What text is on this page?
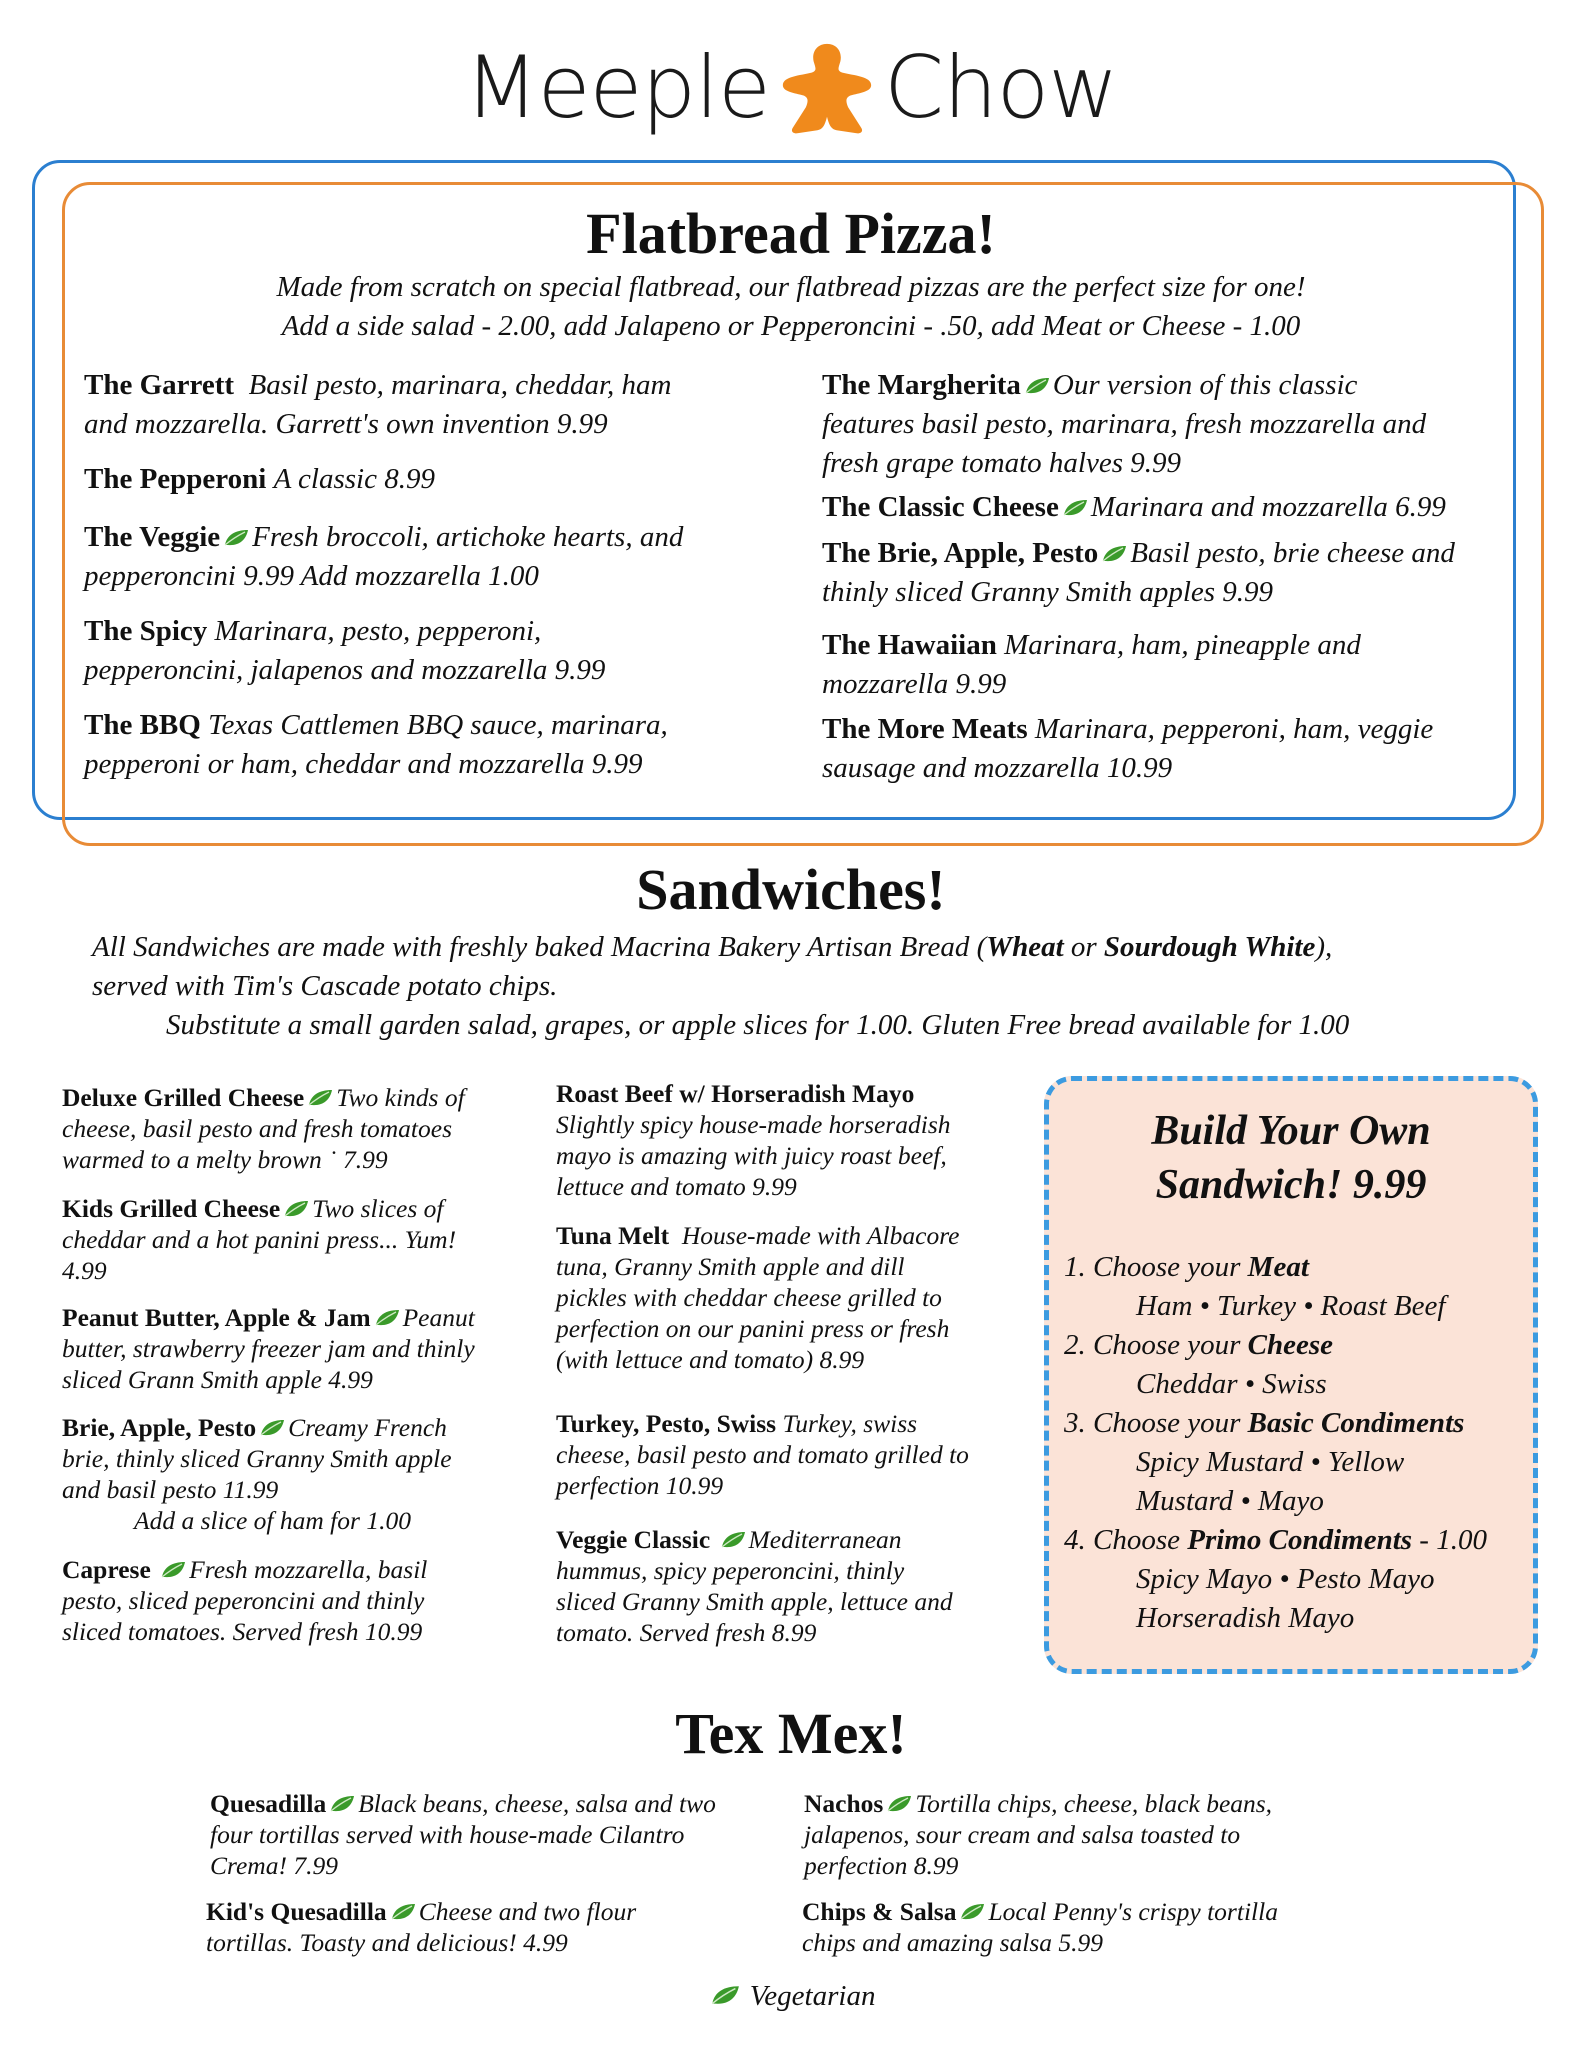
Meeple Chow
Flatbread Pizza!
Made from scratch on special flatbread, our flatbread pizzas are the perfect size for one!
Add a side salad - 2.00, add Jalapeno or Pepperoncini - .50, add Meat or Cheese - 1.00
The Garrett Basil pesto, marinara, cheddar, ham
and mozzarella. Garrett's own invention 9.99
The Pepperoni A classic 8.99
The Veggie Fresh broccoli, artichoke hearts, and
pepperoncini 9.99 Add mozzarella 1.00
The Spicy Marinara, pesto, pepperoni,
pepperoncini, jalapenos and mozzarella 9.99
The BBQ Texas Cattlemen BBQ sauce, marinara,
pepperoni or ham, cheddar and mozzarella 9.99
The Margherita Our version of this classic
features basil pesto, marinara, fresh mozzarella and
fresh grape tomato halves 9.99
The Classic Cheese Marinara and mozzarella 6.99
The Brie, Apple, Pesto Basil pesto, brie cheese and
thinly sliced Granny Smith apples 9.99
The Hawaiian Marinara, ham, pineapple and
mozzarella 9.99
The More Meats Marinara, pepperoni, ham, veggie
sausage and mozzarella 10.99
Sandwiches!
All Sandwiches are made with freshly baked Macrina Bakery Artisan Bread (Wheat or Sourdough White),
served with Tim's Cascade potato chips.
Substitute a small garden salad, grapes, or apple slices for 1.00. Gluten Free bread available for 1.00
Deluxe Grilled Cheese Two kinds of
cheese, basil pesto and fresh tomatoes
warmed to a melty brown ˙ 7.99
Kids Grilled Cheese Two slices of
cheddar and a hot panini press... Yum!
4.99
Peanut Butter, Apple & Jam Peanut
butter, strawberry freezer jam and thinly
sliced Grann Smith apple 4.99
Brie, Apple, Pesto Creamy French
brie, thinly sliced Granny Smith apple
and basil pesto 11.99
Add a slice of ham for 1.00
Caprese Fresh mozzarella, basil
pesto, sliced peperoncini and thinly
sliced tomatoes. Served fresh 10.99
Roast Beef w/ Horseradish Mayo
Slightly spicy house-made horseradish
mayo is amazing with juicy roast beef,
lettuce and tomato 9.99
Tuna Melt House-made with Albacore
tuna, Granny Smith apple and dill
pickles with cheddar cheese grilled to
perfection on our panini press or fresh
(with lettuce and tomato) 8.99
Turkey, Pesto, Swiss Turkey, swiss
cheese, basil pesto and tomato grilled to
perfection 10.99
Veggie Classic Mediterranean
hummus, spicy peperoncini, thinly
sliced Granny Smith apple, lettuce and
tomato. Served fresh 8.99
Build Your Own
Sandwich! 9.99
1. Choose your Meat
Ham • Turkey • Roast Beef
2. Choose your Cheese
Cheddar • Swiss
3. Choose your Basic Condiments
Spicy Mustard • Yellow
Mustard • Mayo
4. Choose Primo Condiments - 1.00
Spicy Mayo • Pesto Mayo
Horseradish Mayo
Tex Mex!
Quesadilla Black beans, cheese, salsa and two
four tortillas served with house-made Cilantro
Crema! 7.99
Kid's Quesadilla Cheese and two flour
tortillas. Toasty and delicious! 4.99
Nachos Tortilla chips, cheese, black beans,
jalapenos, sour cream and salsa toasted to
perfection 8.99
Chips & Salsa Local Penny's crispy tortilla
chips and amazing salsa 5.99
Vegetarian
